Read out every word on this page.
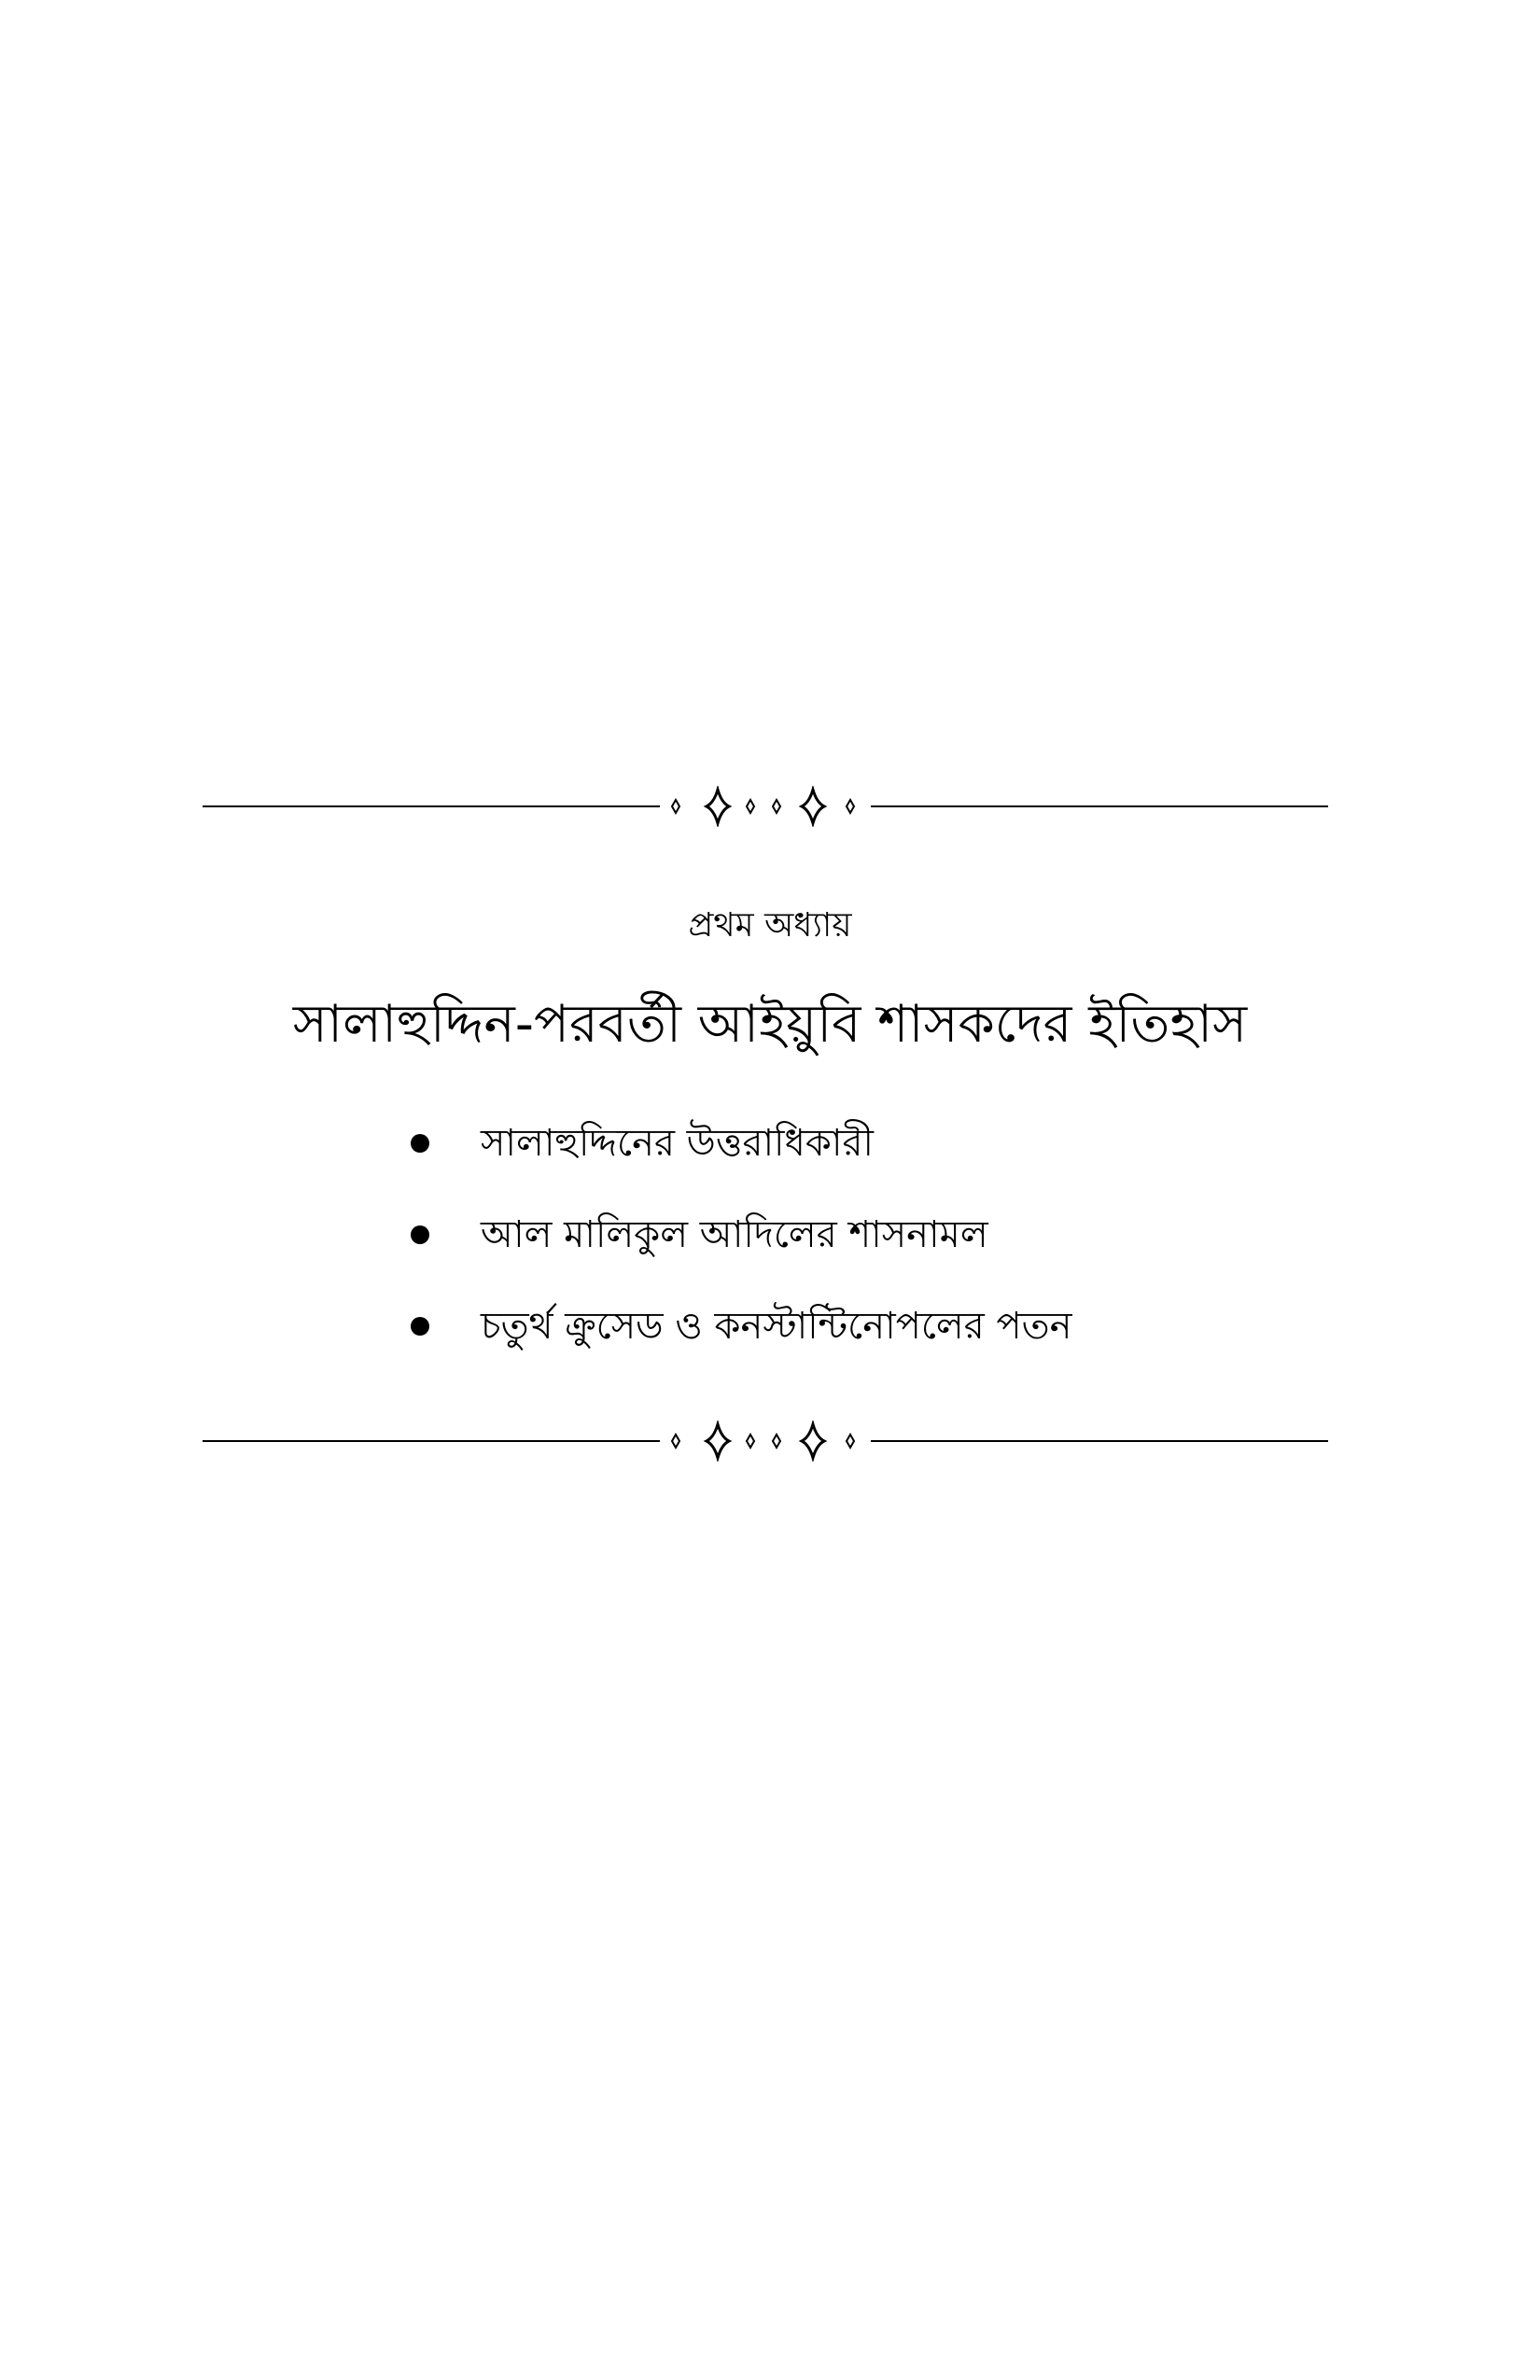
প্রথম অধ্যায়
সালাহুদ্দিন-পরবর্তী আইয়ুবি শাসকদের ইতিহাস
সালাহুদ্দিনের উত্তরাধিকারী
আল মালিকুল আদিলের শাসনামল
চতুর্থ ক্রুসেড ও কনস্টান্টিনোপলের পতন
